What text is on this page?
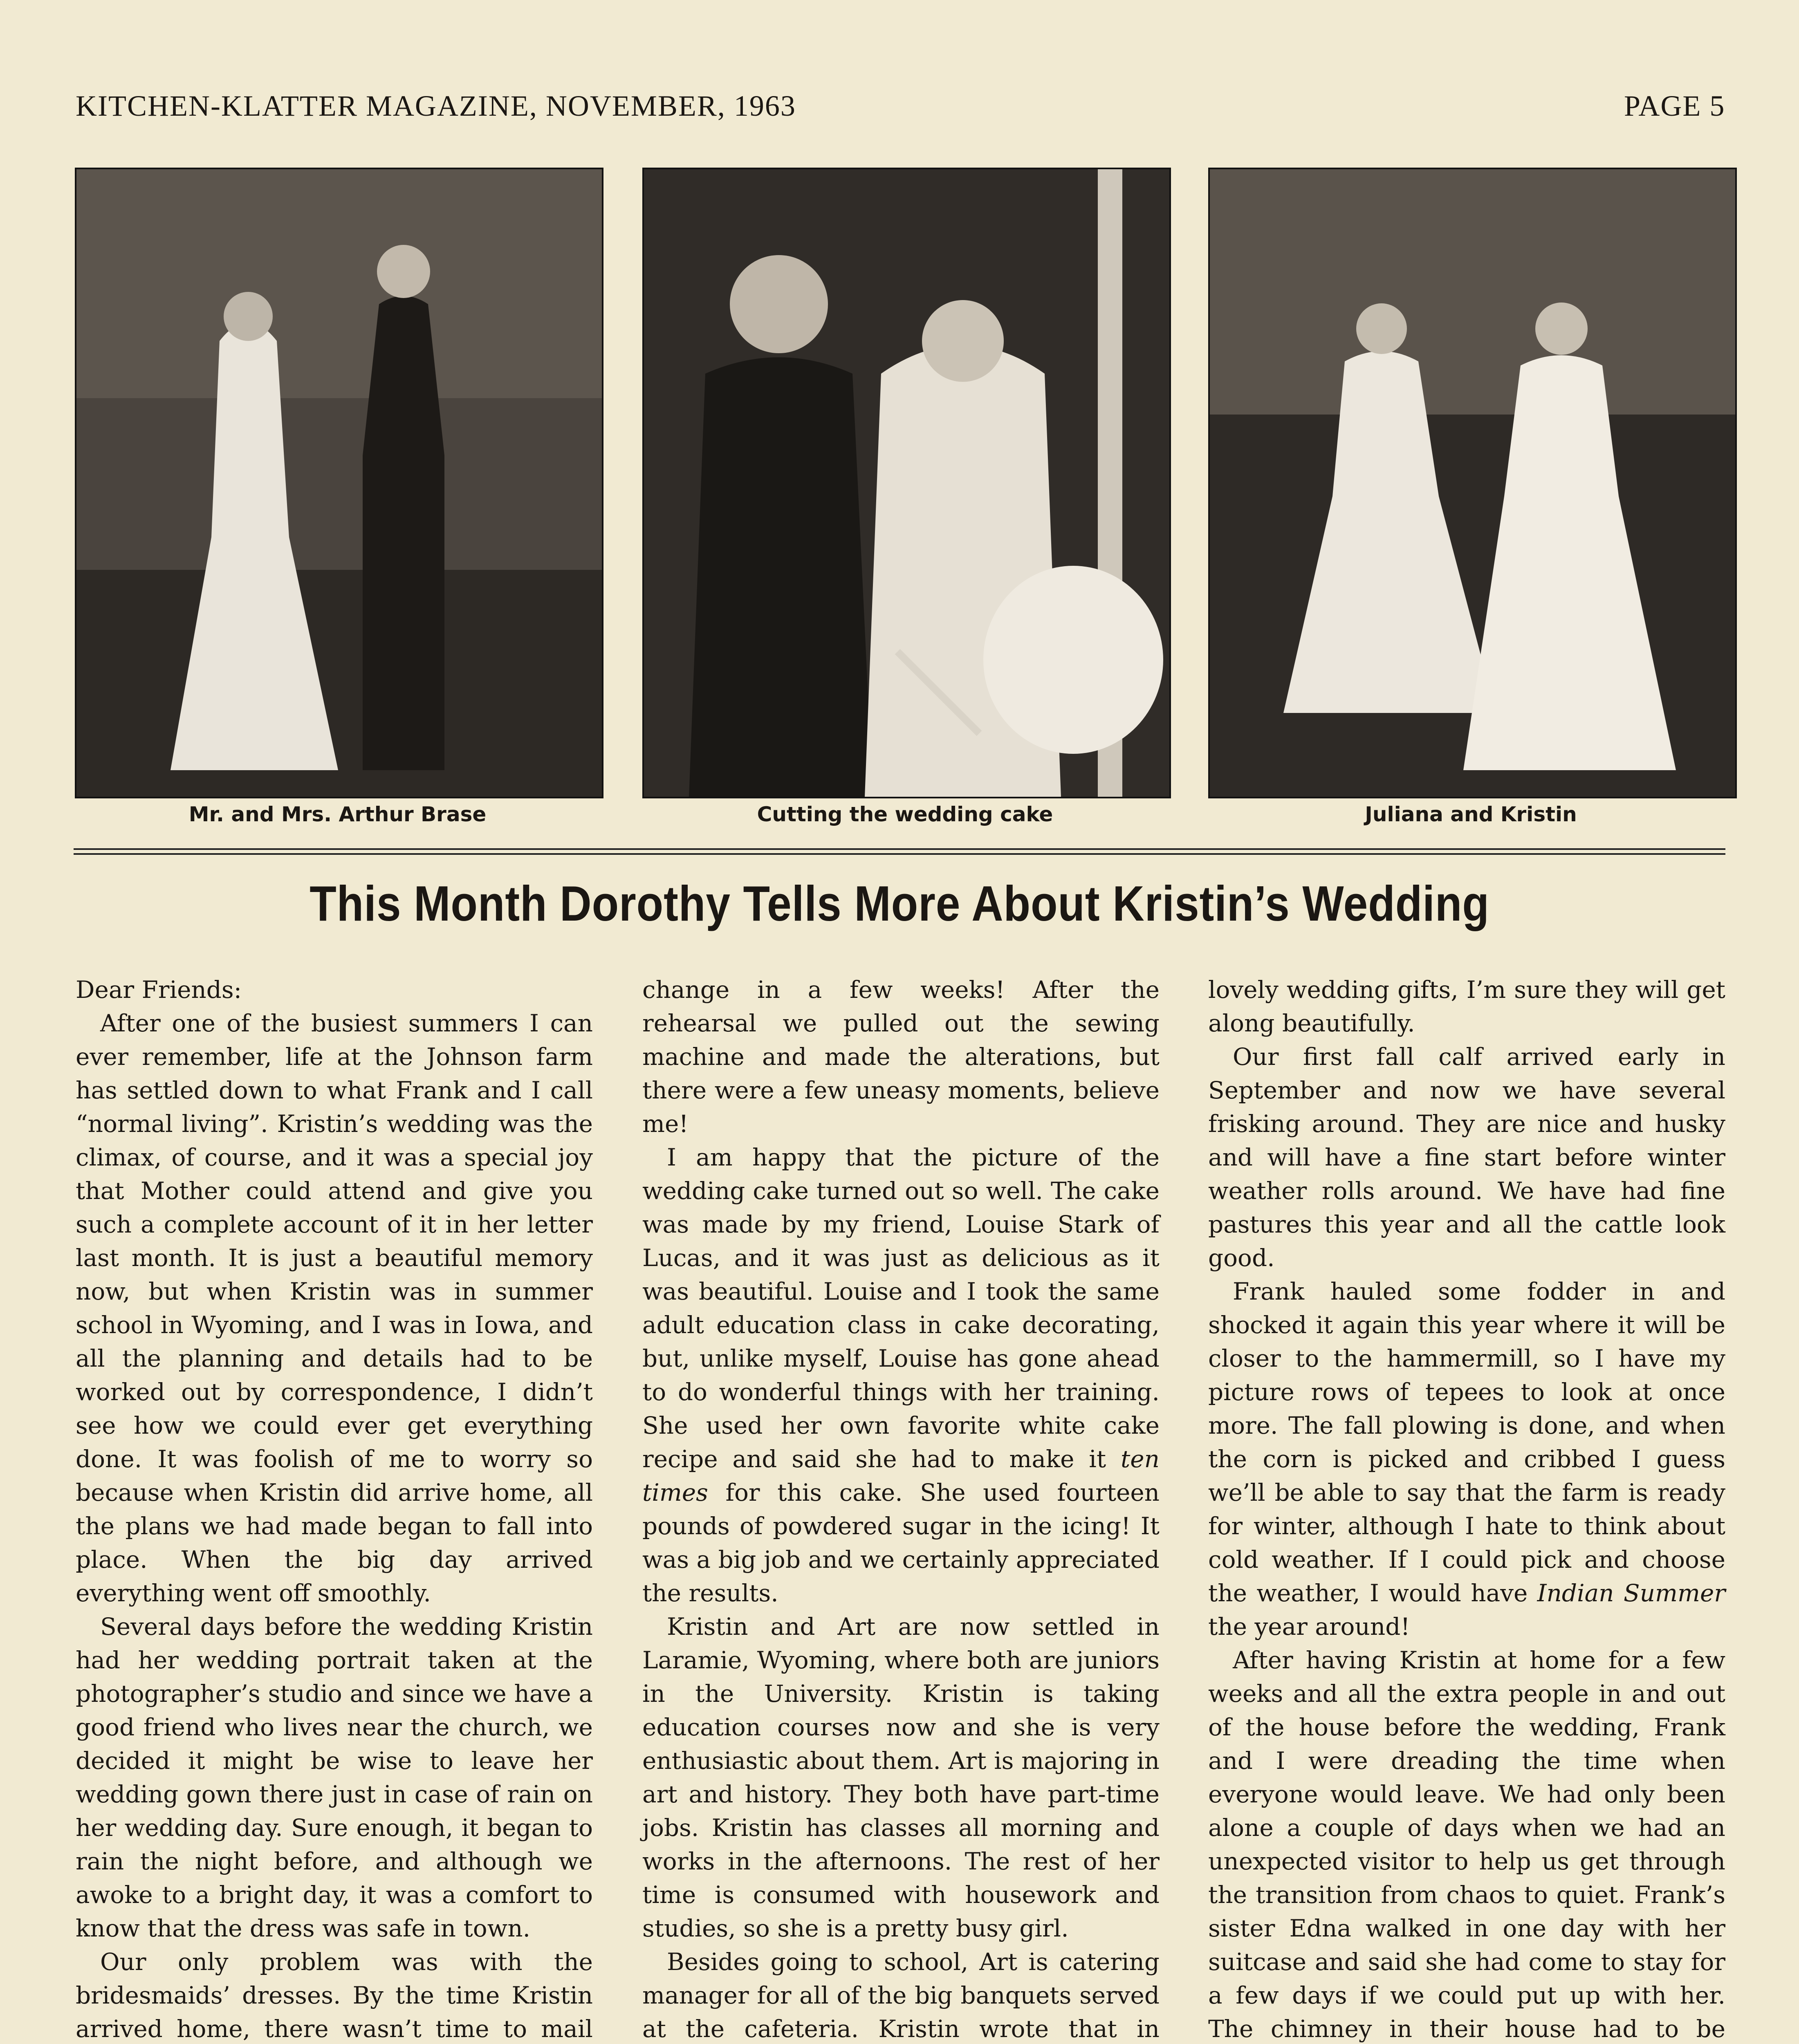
KITCHEN-KLATTER MAGAZINE, NOVEMBER, 1963	PAGE 5
Mr. and Mrs. Arthur Brase	Cutting the wedding cake	Juliana and Kristin
This Month Dorothy Tells More About Kristin’s Wedding

Dear Friends:

After one of the busiest summers I can ever remember, life at the Johnson farm has settled down to what Frank and I call “normal living”. Kristin’s wedding was the climax, of course, and it was a special joy that Mother could attend and give you such a complete account of it in her letter last month. It is just a beautiful memory now, but when Kristin was in summer school in Wyoming, and I was in Iowa, and all the planning and details had to be worked out by correspondence, I didn’t see how we could ever get everything done. It was foolish of me to worry so because when Kristin did arrive home, all the plans we had made began to fall into place. When the big day arrived everything went off smoothly.

Several days before the wedding Kristin had her wedding portrait taken at the photographer’s studio and since we have a good friend who lives near the church, we decided it might be wise to leave her wedding gown there just in case of rain on her wedding day. Sure enough, it began to rain the night before, and although we awoke to a bright day, it was a comfort to know that the dress was safe in town.

Our only problem was with the bridesmaids’ dresses. By the time Kristin arrived home, there wasn’t time to mail

change in a few weeks! After the rehearsal we pulled out the sewing machine and made the alterations, but there were a few uneasy moments, believe me!

I am happy that the picture of the wedding cake turned out so well. The cake was made by my friend, Louise Stark of Lucas, and it was just as delicious as it was beautiful. Louise and I took the same adult education class in cake decorating, but, unlike myself, Louise has gone ahead to do wonderful things with her training. She used her own favorite white cake recipe and said she had to make it ten times for this cake. She used fourteen pounds of powdered sugar in the icing! It was a big job and we certainly appreciated the results.

Kristin and Art are now settled in Laramie, Wyoming, where both are juniors in the University. Kristin is taking education courses now and she is very enthusiastic about them. Art is majoring in art and history. They both have part-time jobs. Kristin has classes all morning and works in the afternoons. The rest of her time is consumed with housework and studies, so she is a pretty busy girl.

Besides going to school, Art is catering manager for all of the big banquets served at the cafeteria. Kristin wrote that in

lovely wedding gifts, I’m sure they will get along beautifully.

Our first fall calf arrived early in September and now we have several frisking around. They are nice and husky and will have a fine start before winter weather rolls around. We have had fine pastures this year and all the cattle look good.

Frank hauled some fodder in and shocked it again this year where it will be closer to the hammermill, so I have my picture rows of tepees to look at once more. The fall plowing is done, and when the corn is picked and cribbed I guess we’ll be able to say that the farm is ready for winter, although I hate to think about cold weather. If I could pick and choose the weather, I would have Indian Summer the year around!

After having Kristin at home for a few weeks and all the extra people in and out of the house before the wedding, Frank and I were dreading the time when everyone would leave. We had only been alone a couple of days when we had an unexpected visitor to help us get through the transition from chaos to quiet. Frank’s sister Edna walked in one day with her suitcase and said she had come to stay for a few days if we could put up with her. The chimney in their house had to be
